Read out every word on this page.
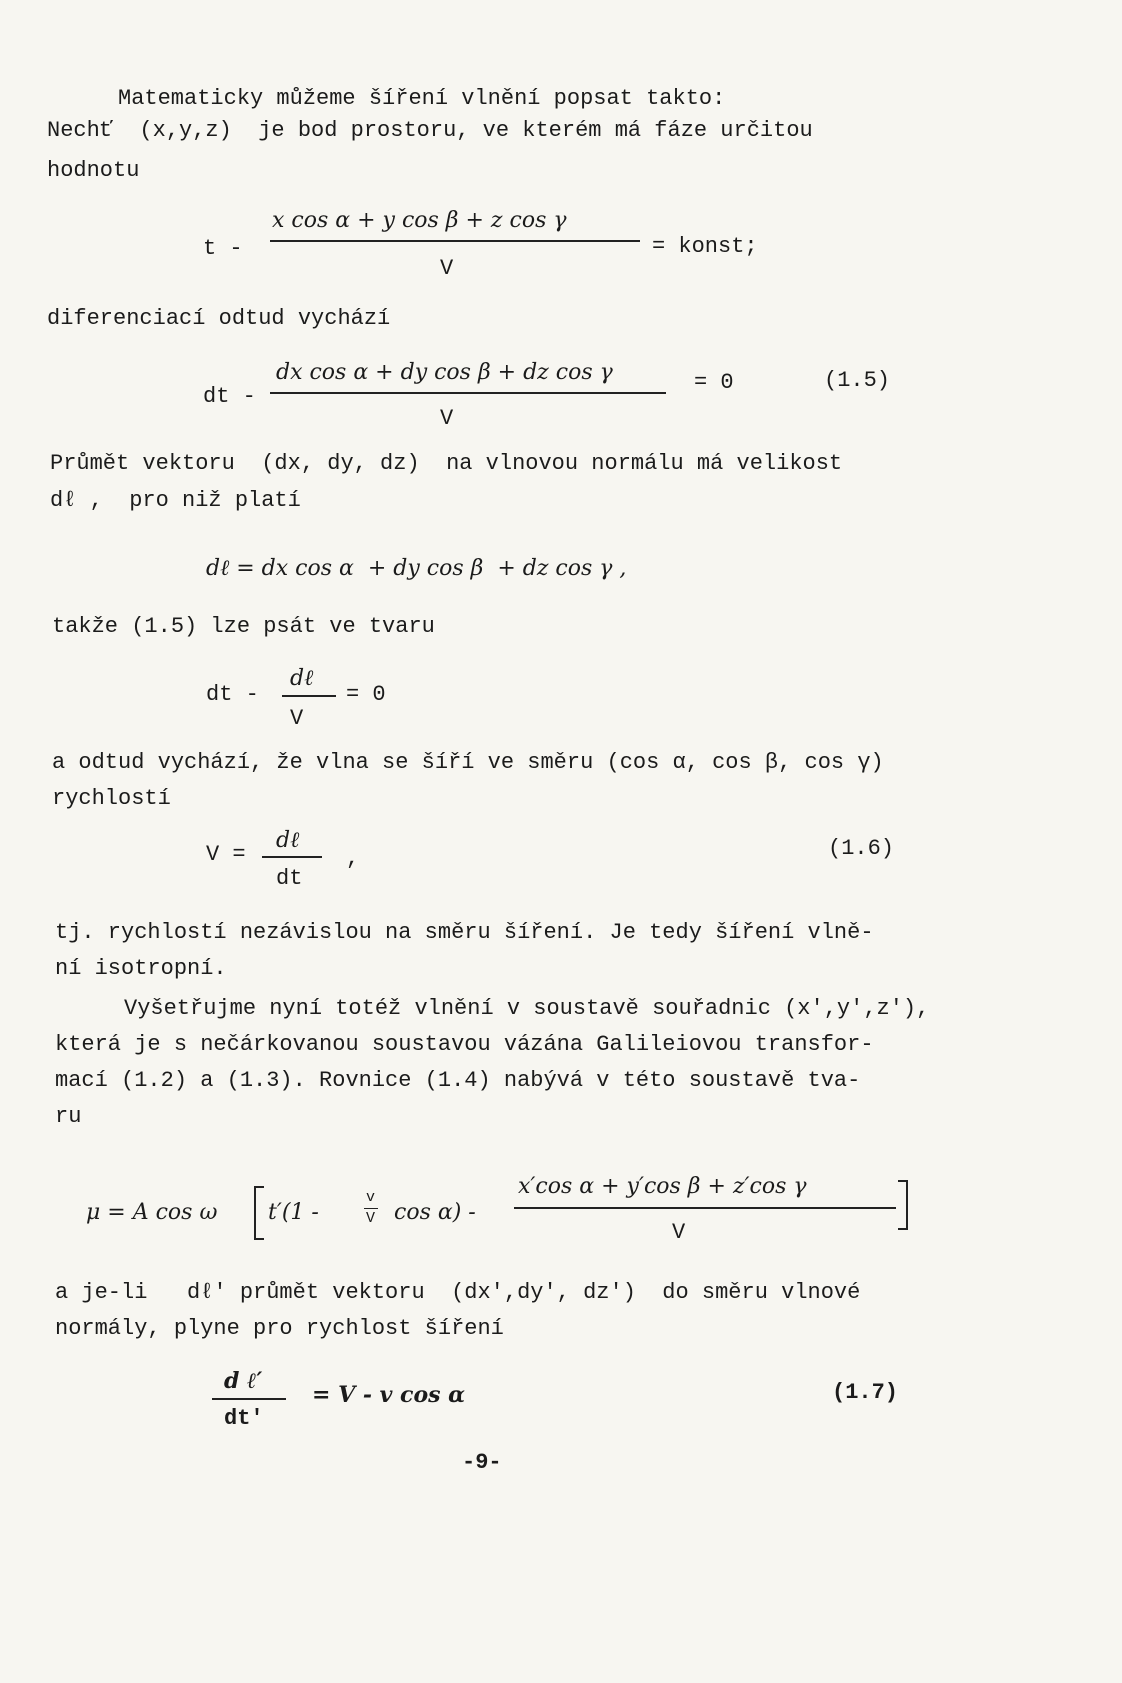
Matematicky můžeme šíření vlnění popsat takto:
Nechť  (x,y,z)  je bod prostoru, ve kterém má fáze určitou
hodnotu
t -
x cos α + y cos β + z cos γ
V
= konst;
diferenciací odtud vychází
dt -
dx cos α + dy cos β + dz cos γ
V
= 0	(1.5)
Průmět vektoru  (dx, dy, dz)  na vlnovou normálu má velikost
dℓ ,  pro niž platí
dℓ = dx cos α  + dy cos β  + dz cos γ ,
takže (1.5) lze psát ve tvaru
dt -
dℓ
V
= 0
a odtud vychází, že vlna se šíří ve směru (cos α, cos β, cos γ)
rychlostí
V =
dℓ
dt
,	(1.6)
tj. rychlostí nezávislou na směru šíření. Je tedy šíření vlně-
ní isotropní.
Vyšetřujme nyní totéž vlnění v soustavě souřadnic (x′,y′,z′),
která je s nečárkovanou soustavou vázána Galileiovou transfor-
mací (1.2) a (1.3). Rovnice (1.4) nabývá v této soustavě tva-
ru
μ = A cos ω t′(1 -
v
V cos α) -
x′cos α + y′cos β + z′cos γ
V
a je-li   dℓ′ průmět vektoru  (dx′,dy′, dz′)  do směru vlnové
normály, plyne pro rychlost šíření
d ℓ′
dt′
= V - v cos α	(1.7)
-9-
